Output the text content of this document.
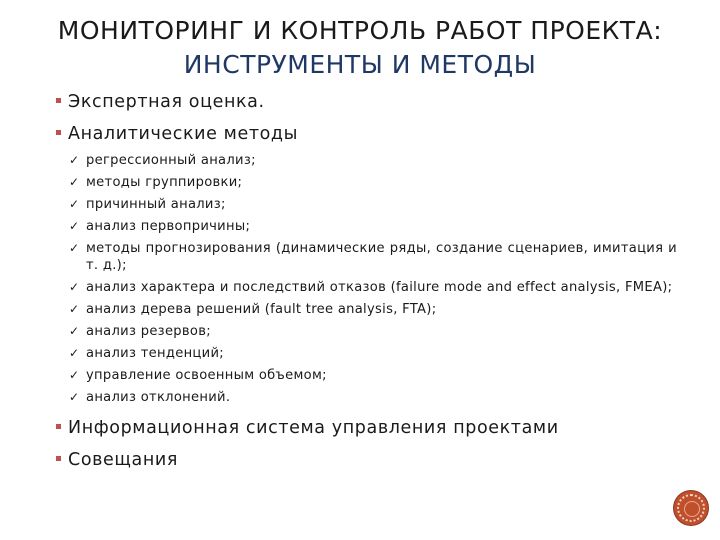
МОНИТОРИНГ И КОНТРОЛЬ РАБОТ ПРОЕКТА:
ИНСТРУМЕНТЫ И МЕТОДЫ
Экспертная оценка.
Аналитические методы
✓ регрессионный анализ;
✓ методы группировки;
✓ причинный анализ;
✓ анализ первопричины;
✓ методы прогнозирования (динамические ряды, создание сценариев, имитация и т. д.);
✓ анализ характера и последствий отказов (failure mode and effect analysis, FMEA);
✓ анализ дерева решений (fault tree analysis, FTA);
✓ анализ резервов;
✓ анализ тенденций;
✓ управление освоенным объемом;
✓ анализ отклонений.
Информационная система управления проектами
Совещания
